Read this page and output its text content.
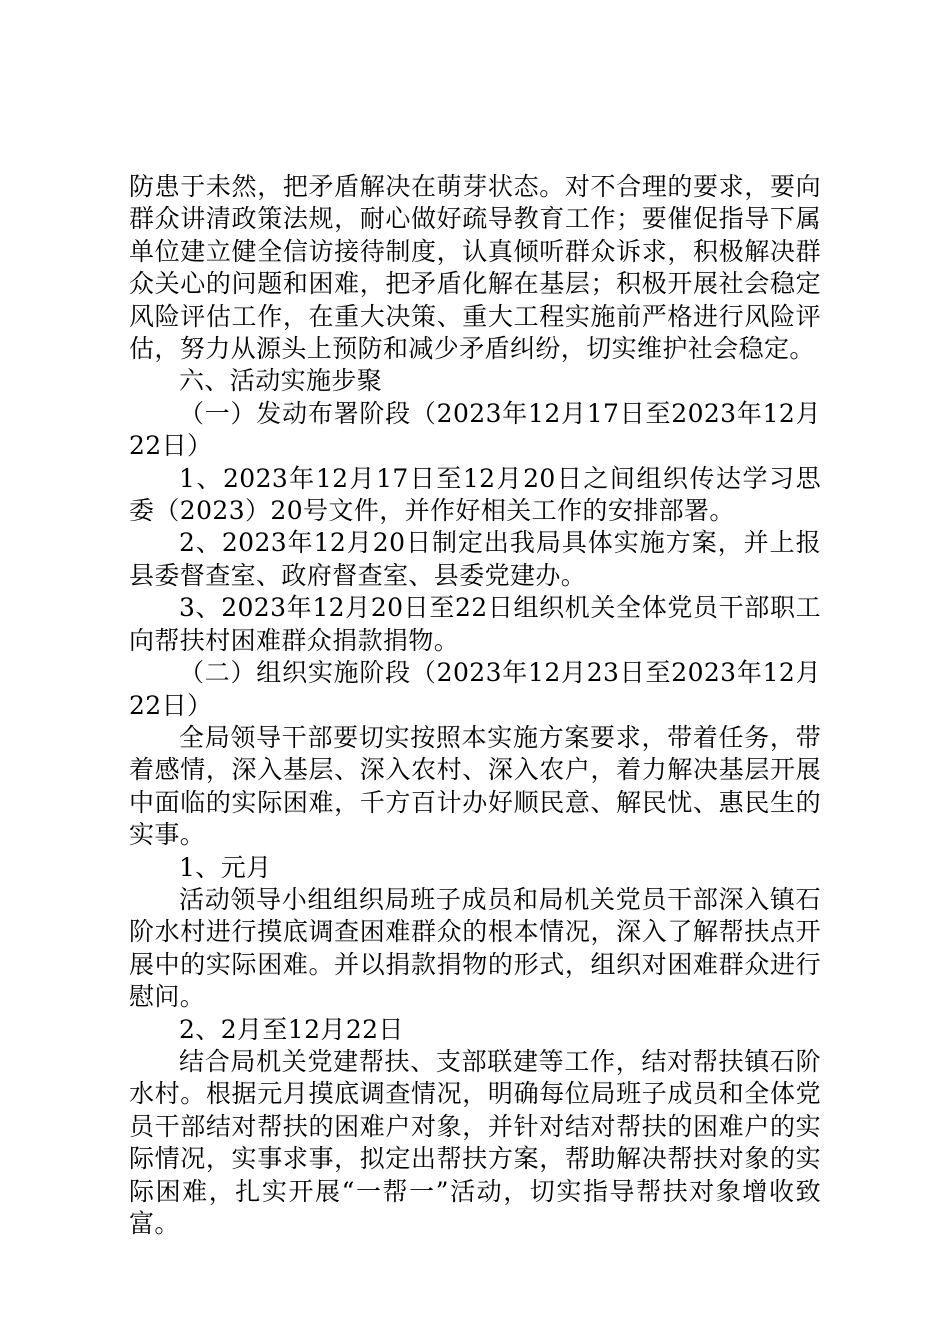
防患于未然，把矛盾解决在萌芽状态。对不合理的要求，要向群众讲清政策法规，耐心做好疏导教育工作；要催促指导下属单位建立健全信访接待制度，认真倾听群众诉求，积极解决群众关心的问题和困难，把矛盾化解在基层；积极开展社会稳定风险评估工作，在重大决策、重大工程实施前严格进行风险评估，努力从源头上预防和减少矛盾纠纷，切实维护社会稳定。

六、活动实施步聚

（一）发动布署阶段（2023年12月17日至2023年12月22日）

1、2023年12月17日至12月20日之间组织传达学习思委（2023）20号文件，并作好相关工作的安排部署。

2、2023年12月20日制定出我局具体实施方案，并上报县委督查室、政府督查室、县委党建办。

3、2023年12月20日至22日组织机关全体党员干部职工向帮扶村困难群众捐款捐物。

（二）组织实施阶段（2023年12月23日至2023年12月22日）

全局领导干部要切实按照本实施方案要求，带着任务，带着感情，深入基层、深入农村、深入农户，着力解决基层开展中面临的实际困难，千方百计办好顺民意、解民忧、惠民生的实事。

1、元月

活动领导小组组织局班子成员和局机关党员干部深入镇石阶水村进行摸底调查困难群众的根本情况，深入了解帮扶点开展中的实际困难。并以捐款捐物的形式，组织对困难群众进行慰问。

2、2月至12月22日

结合局机关党建帮扶、支部联建等工作，结对帮扶镇石阶水村。根据元月摸底调查情况，明确每位局班子成员和全体党员干部结对帮扶的困难户对象，并针对结对帮扶的困难户的实际情况，实事求事，拟定出帮扶方案，帮助解决帮扶对象的实际困难，扎实开展“一帮一”活动，切实指导帮扶对象增收致富。
